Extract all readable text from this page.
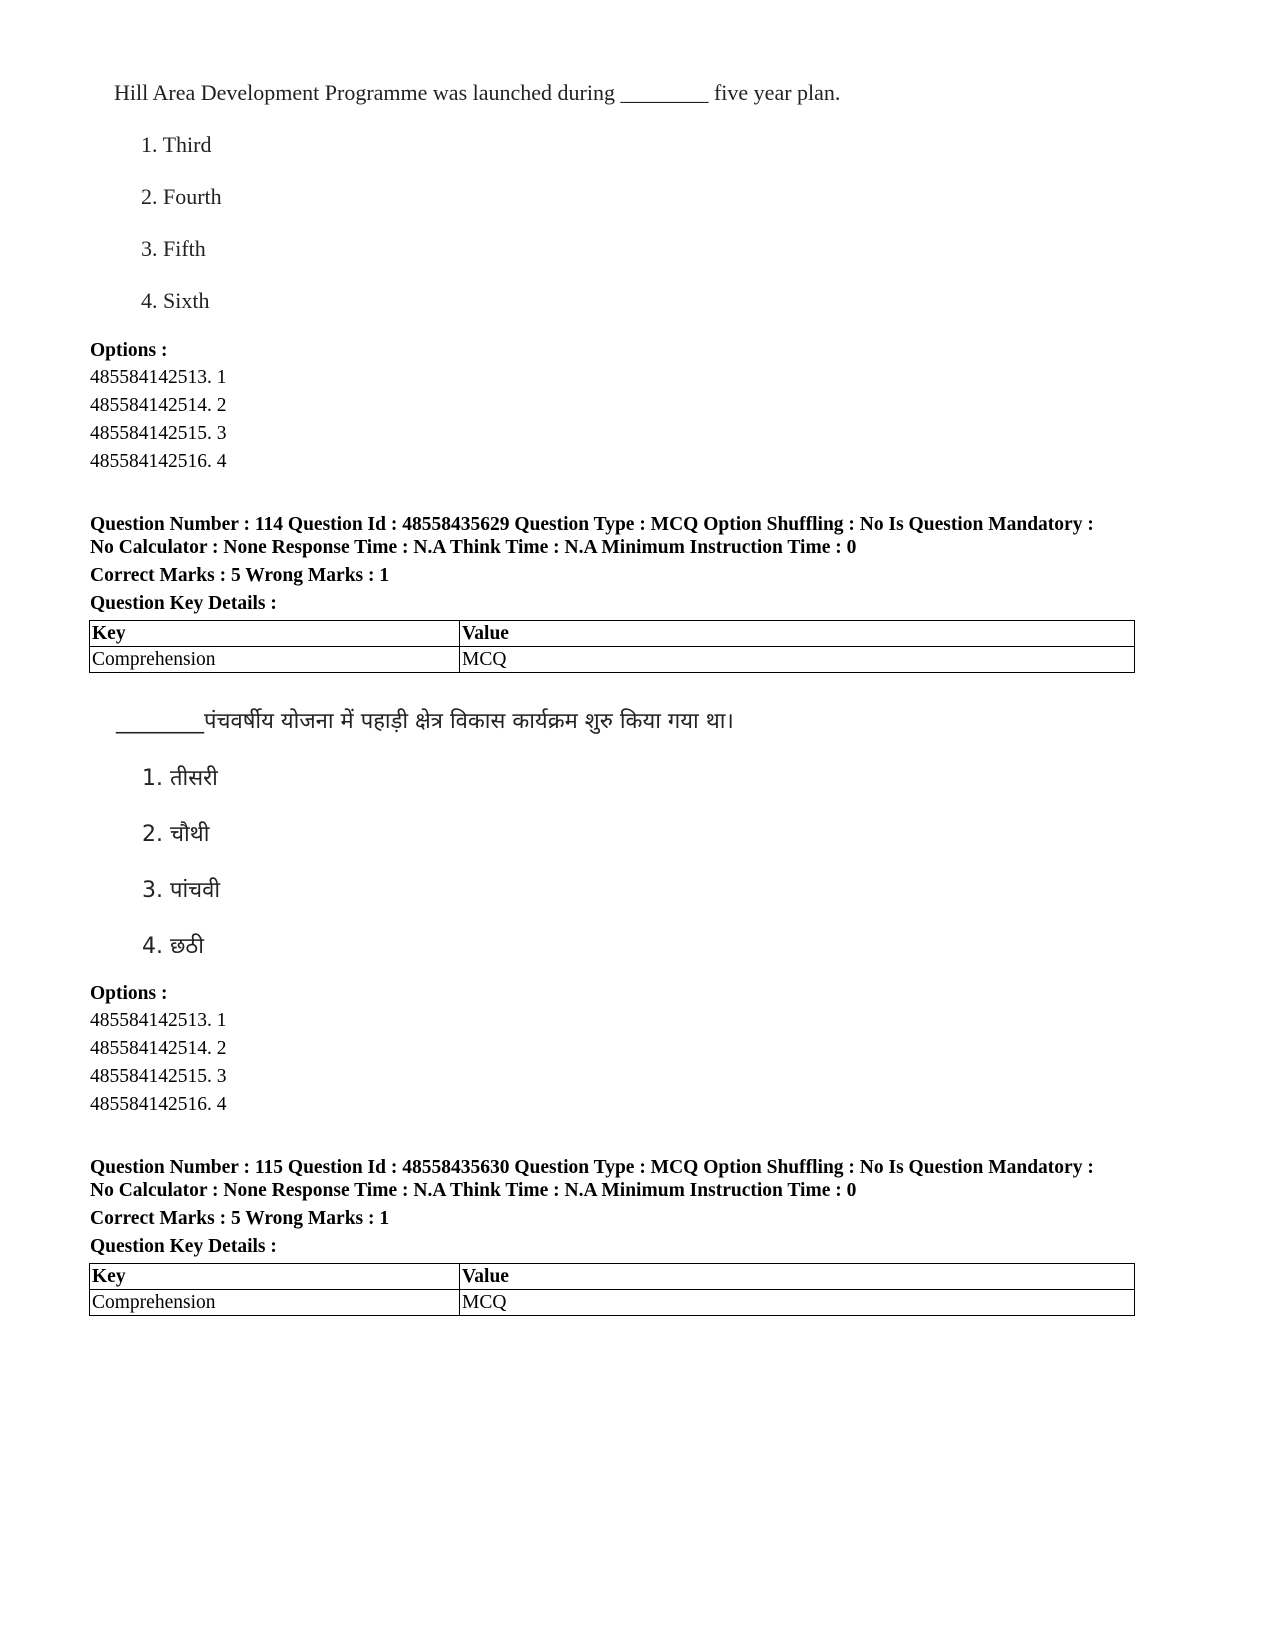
Hill Area Development Programme was launched during ________ five year plan.
1. Third
2. Fourth
3. Fifth
4. Sixth
Options :
485584142513. 1
485584142514. 2
485584142515. 3
485584142516. 4
Question Number : 114 Question Id : 48558435629 Question Type : MCQ Option Shuffling : No Is Question Mandatory :
No Calculator : None Response Time : N.A Think Time : N.A Minimum Instruction Time : 0
Correct Marks : 5 Wrong Marks : 1
Question Key Details :
Key	Value
Comprehension	MCQ
________पंचवर्षीय योजना में पहाड़ी क्षेत्र विकास कार्यक्रम शुरु किया गया था।
1. तीसरी
2. चौथी
3. पांचवी
4. छठी
Options :
485584142513. 1
485584142514. 2
485584142515. 3
485584142516. 4
Question Number : 115 Question Id : 48558435630 Question Type : MCQ Option Shuffling : No Is Question Mandatory :
No Calculator : None Response Time : N.A Think Time : N.A Minimum Instruction Time : 0
Correct Marks : 5 Wrong Marks : 1
Question Key Details :
Key	Value
Comprehension	MCQ
